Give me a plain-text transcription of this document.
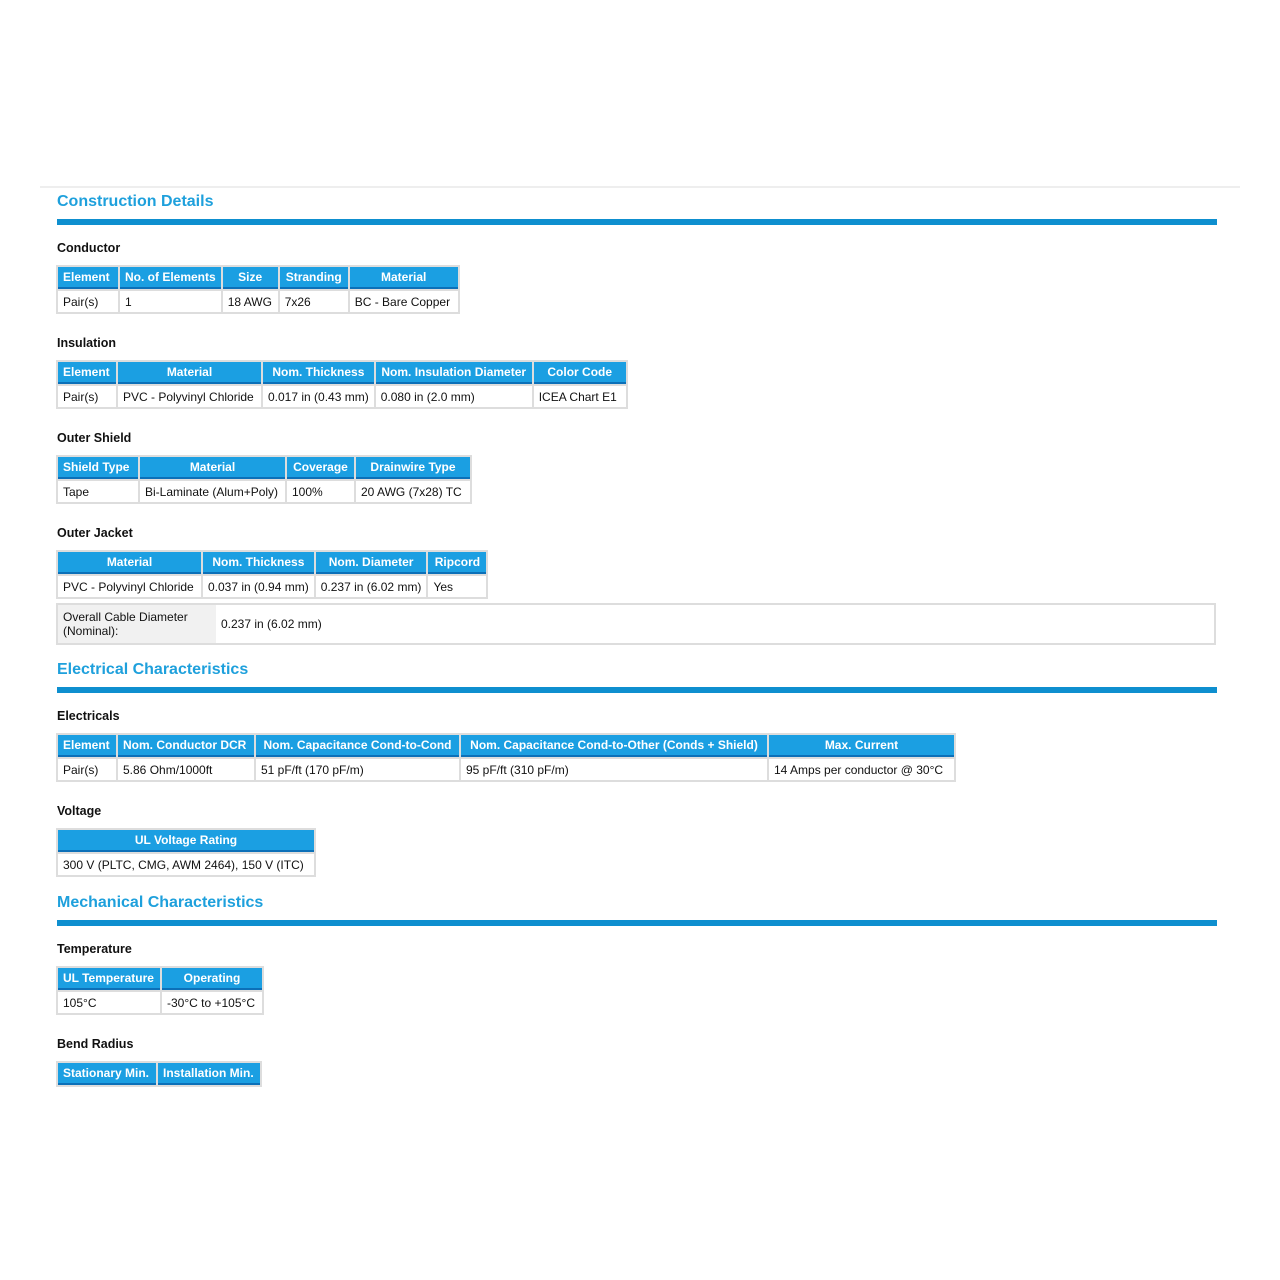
Construction Details
Conductor
Element	No. of Elements	Size	Stranding	Material
Pair(s)	1	18 AWG	7x26	BC - Bare Copper
Insulation
Element	Material	Nom. Thickness	Nom. Insulation Diameter	Color Code
Pair(s)	PVC - Polyvinyl Chloride	0.017 in (0.43 mm)	0.080 in (2.0 mm)	ICEA Chart E1
Outer Shield
Shield Type	Material	Coverage	Drainwire Type
Tape	Bi-Laminate (Alum+Poly)	100%	20 AWG (7x28) TC
Outer Jacket
Material	Nom. Thickness	Nom. Diameter	Ripcord
PVC - Polyvinyl Chloride	0.037 in (0.94 mm)	0.237 in (6.02 mm)	Yes
Overall Cable Diameter (Nominal):	0.237 in (6.02 mm)
Electrical Characteristics
Electricals
Element	Nom. Conductor DCR	Nom. Capacitance Cond-to-Cond	Nom. Capacitance Cond-to-Other (Conds + Shield)	Max. Current
Pair(s)	5.86 Ohm/1000ft	51 pF/ft (170 pF/m)	95 pF/ft (310 pF/m)	14 Amps per conductor @ 30°C
Voltage
UL Voltage Rating
300 V (PLTC, CMG, AWM 2464), 150 V (ITC)
Mechanical Characteristics
Temperature
UL Temperature	Operating
105°C	-30°C to +105°C
Bend Radius
Stationary Min.	Installation Min.
